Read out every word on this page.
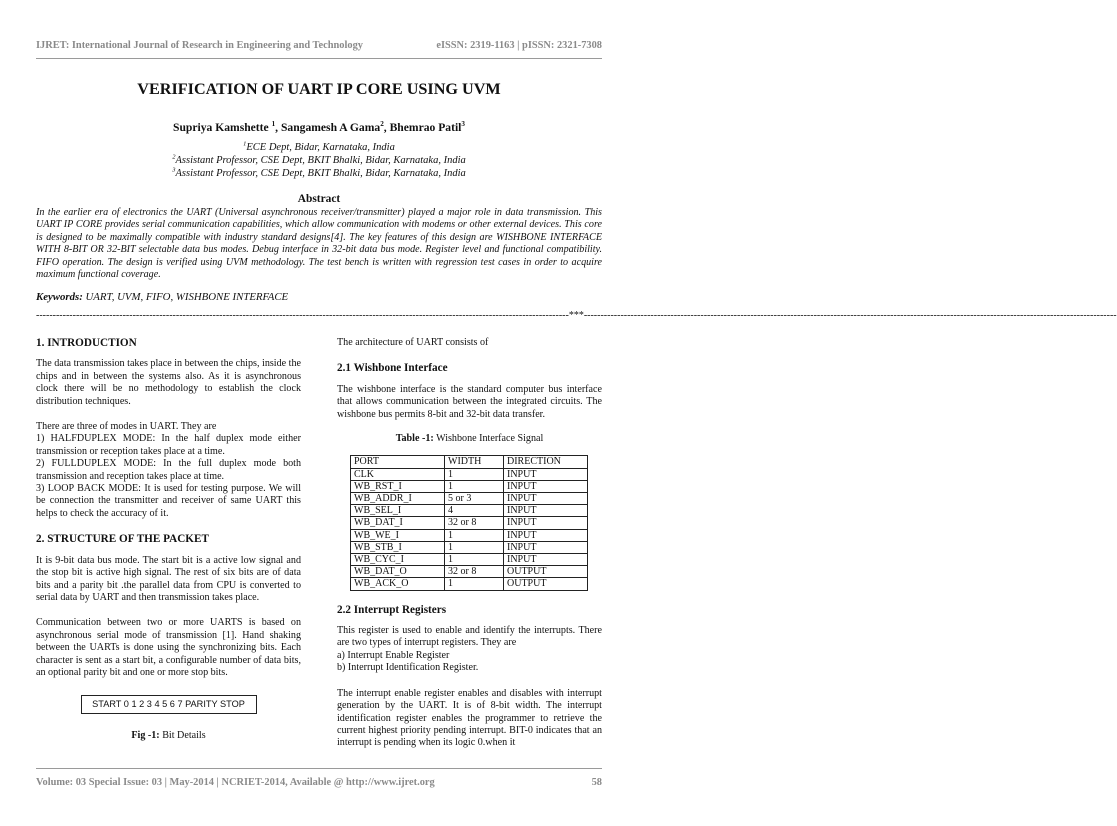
IJRET: International Journal of Research in Engineering and Technology	eISSN: 2319-1163 | pISSN: 2321-7308
VERIFICATION OF UART IP CORE USING UVM
Supriya Kamshette $^1$, Sangamesh A Gama$^2$, Bhemrao Patil$^3$
$^1$ECE Dept, Bidar, Karnataka, India
$^2$Assistant Professor, CSE Dept, BKIT Bhalki, Bidar, Karnataka, India
$^3$Assistant Professor, CSE Dept, BKIT Bhalki, Bidar, Karnataka, India
Abstract
In the earlier era of electronics the UART (Universal asynchronous receiver/transmitter) played a major role in data transmission. This UART IP CORE provides serial communication capabilities, which allow communication with modems or other external devices. This core is designed to be maximally compatible with industry standard designs[4]. The key features of this design are WISHBONE INTERFACE WITH 8-BIT OR 32-BIT selectable data bus modes. Debug interface in 32-bit data bus mode. Register level and functional compatibility. FIFO operation. The design is verified using UVM methodology. The test bench is written with regression test cases in order to acquire maximum functional coverage.
Keywords: UART, UVM, FIFO, WISHBONE INTERFACE
----------------------------------------------------------------------------------------------------------------------------------------------------------------***----------------------------------------------------------------------------------------------------------------------------------------------------------------
1. INTRODUCTION

The data transmission takes place in between the chips, inside the chips and in between the systems also. As it is asynchronous clock there will be no methodology to establish the clock distribution techniques.

There are three of modes in UART. They are

1) HALFDUPLEX MODE: In the half duplex mode either transmission or reception takes place at a time.

2) FULLDUPLEX MODE: In the full duplex mode both transmission and reception takes place at time.

3) LOOP BACK MODE: It is used for testing purpose. We will be connection the transmitter and receiver of same UART this helps to check the accuracy of it.

2. STRUCTURE OF THE PACKET

It is 9-bit data bus mode. The start bit is a active low signal and the stop bit is active high signal. The rest of six bits are of data bits and a parity bit .the parallel data from CPU is converted to serial data by UART and then transmission takes place.

Communication between two or more UARTS is based on asynchronous serial mode of transmission [1]. Hand shaking between the UARTs is done using the synchronizing bits. Each character is sent as a start bit, a configurable number of data bits, an optional parity bit and one or more stop bits.

START 0 1 2 3 4 5 6 7 PARITY STOP
Fig -1: Bit Details

The architecture of UART consists of

2.1 Wishbone Interface

The wishbone interface is the standard computer bus interface that allows communication between the integrated circuits. The wishbone bus permits 8-bit and 32-bit data transfer.

Table -1: Wishbone Interface Signal
PORT	WIDTH	DIRECTION
CLK	1	INPUT
WB_RST_I	1	INPUT
WB_ADDR_I	5 or 3	INPUT
WB_SEL_I	4	INPUT
WB_DAT_I	32 or 8	INPUT
WB_WE_I	1	INPUT
WB_STB_I	1	INPUT
WB_CYC_I	1	INPUT
WB_DAT_O	32 or 8	OUTPUT
WB_ACK_O	1	OUTPUT
2.2 Interrupt Registers

This register is used to enable and identify the interrupts. There are two types of interrupt registers. They are

a) Interrupt Enable Register

b) Interrupt Identification Register.

The interrupt enable register enables and disables with interrupt generation by the UART. It is of 8-bit width. The interrupt identification register enables the programmer to retrieve the current highest priority pending interrupt. BIT-0 indicates that an interrupt is pending when its logic 0.when it

Volume: 03 Special Issue: 03 | May-2014 | NCRIET-2014, Available @ http://www.ijret.org	58
